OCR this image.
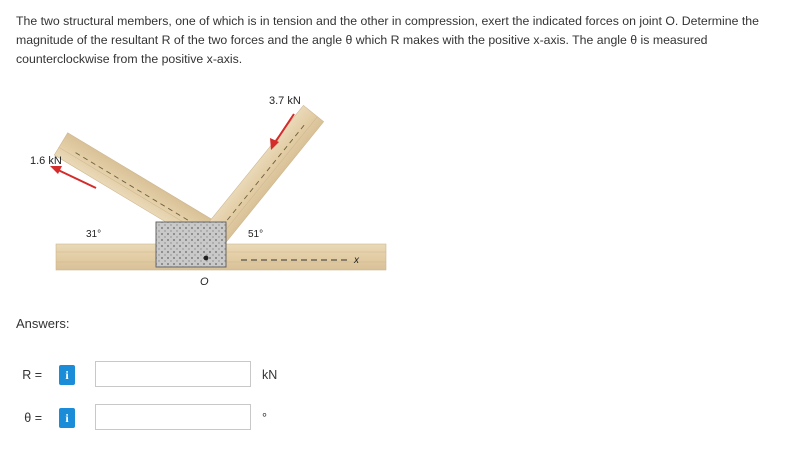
The two structural members, one of which is in tension and the other in compression, exert the indicated forces on joint O. Determine the magnitude of the resultant R of the two forces and the angle θ which R makes with the positive x-axis. The angle θ is measured counterclockwise from the positive x-axis.
1.6 kN
3.7 kN
31°	51°
O
x
Answers:
R =	i	kN
θ =	i	°
